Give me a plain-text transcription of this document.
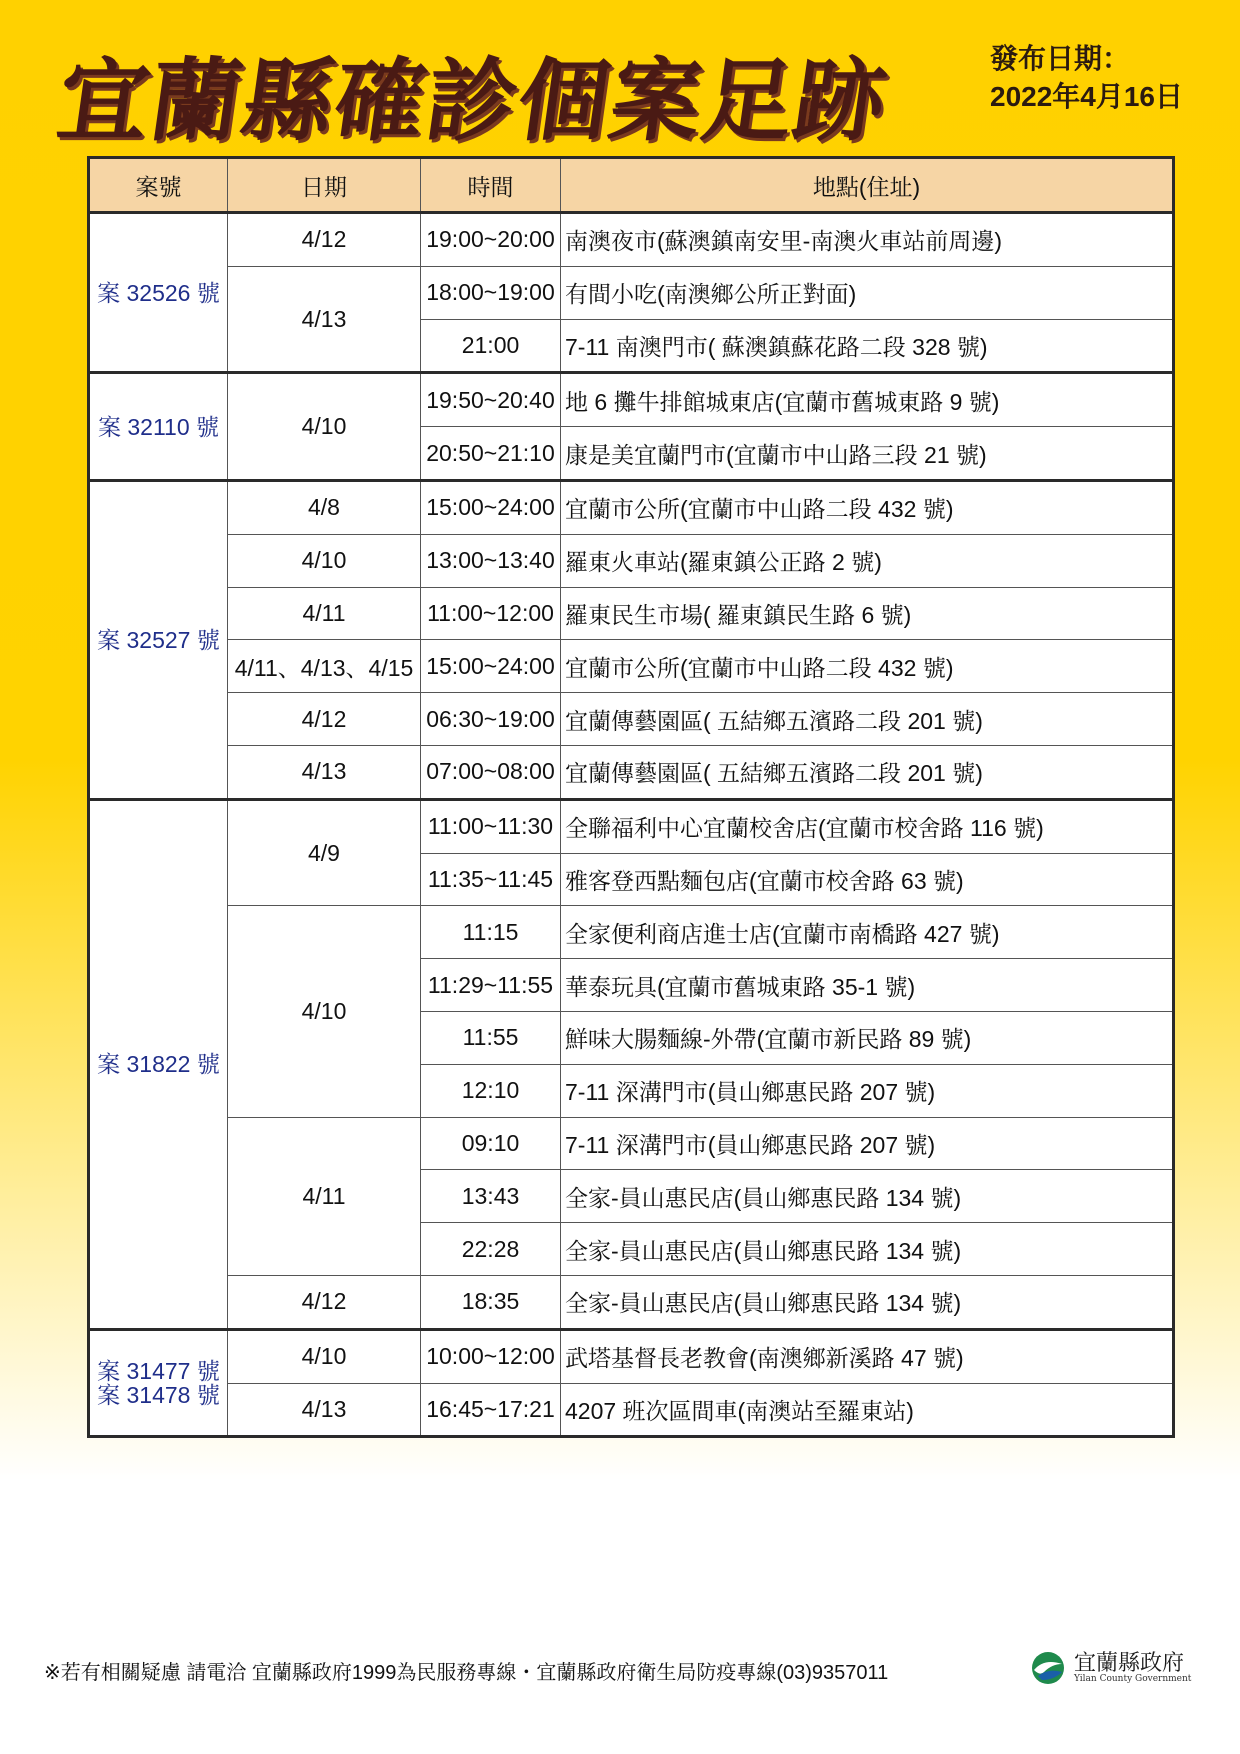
宜蘭縣確診個案足跡	發布日期：
2022年4月16日
案號	日期	時間	地點(住址)

案 32526 號	4/12	19:00~20:00	南澳夜市(蘇澳鎮南安里-南澳火車站前周邊)
	4/13	18:00~19:00	有間小吃(南澳鄉公所正對面)
		21:00	7-11 南澳門市( 蘇澳鎮蘇花路二段 328 號)

案 32110 號	4/10	19:50~20:40	地 6 攤牛排館城東店(宜蘭市舊城東路 9 號)
		20:50~21:10	康是美宜蘭門市(宜蘭市中山路三段 21 號)

案 32527 號	4/8	15:00~24:00	宜蘭市公所(宜蘭市中山路二段 432 號)
	4/10	13:00~13:40	羅東火車站(羅東鎮公正路 2 號)
	4/11	11:00~12:00	羅東民生市場( 羅東鎮民生路 6 號)
	4/11、4/13、4/15	15:00~24:00	宜蘭市公所(宜蘭市中山路二段 432 號)
	4/12	06:30~19:00	宜蘭傳藝園區( 五結鄉五濱路二段 201 號)
	4/13	07:00~08:00	宜蘭傳藝園區( 五結鄉五濱路二段 201 號)

案 31822 號	4/9	11:00~11:30	全聯福利中心宜蘭校舍店(宜蘭市校舍路 116 號)
		11:35~11:45	雅客登西點麵包店(宜蘭市校舍路 63 號)
	4/10	11:15	全家便利商店進士店(宜蘭市南橋路 427 號)
		11:29~11:55	華泰玩具(宜蘭市舊城東路 35-1 號)
		11:55	鮮味大腸麵線-外帶(宜蘭市新民路 89 號)
		12:10	7-11 深溝門市(員山鄉惠民路 207 號)
	4/11	09:10	7-11 深溝門市(員山鄉惠民路 207 號)
		13:43	全家-員山惠民店(員山鄉惠民路 134 號)
		22:28	全家-員山惠民店(員山鄉惠民路 134 號)
	4/12	18:35	全家-員山惠民店(員山鄉惠民路 134 號)

案 31477 號
案 31478 號	4/10	10:00~12:00	武塔基督長老教會(南澳鄉新溪路 47 號)
	4/13	16:45~17:21	4207 班次區間車(南澳站至羅東站)
※若有相關疑慮 請電洽 宜蘭縣政府1999為民服務專線・宜蘭縣政府衛生局防疫專線(03)9357011	宜蘭縣政府
Yilan County Government
